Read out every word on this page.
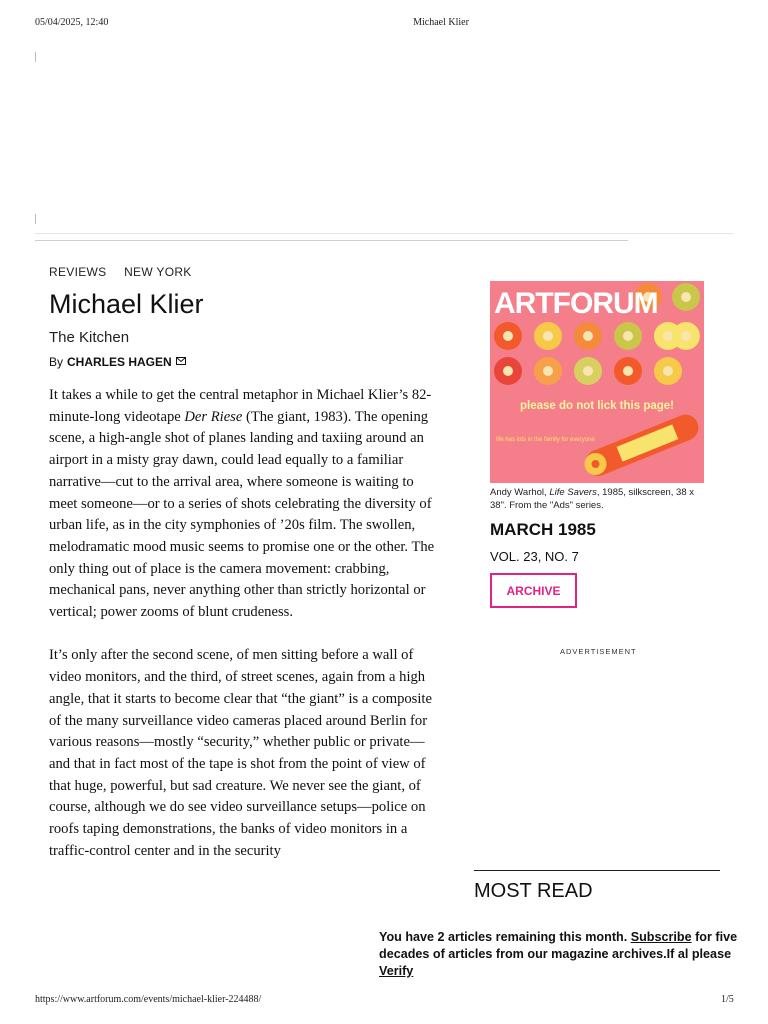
05/04/2025, 12:40	Michael Klier
REVIEWS NEW YORK
Michael Klier
The Kitchen
By CHARLES HAGEN

It takes a while to get the central metaphor in Michael Klier’s 82-minute-long videotape Der Riese (The giant, 1983). The opening scene, a high-angle shot of planes landing and taxiing around an airport in a misty gray dawn, could lead equally to a familiar narrative—cut to the arrival area, where someone is waiting to meet someone—or to a series of shots celebrating the diversity of urban life, as in the city symphonies of ’20s film. The swollen, melodramatic mood music seems to promise one or the other. The only thing out of place is the camera movement: crabbing, mechanical pans, never anything other than strictly horizontal or vertical; power zooms of blunt crudeness.

It’s only after the second scene, of men sitting before a wall of video monitors, and the third, of street scenes, again from a high angle, that it starts to become clear that “the giant” is a composite of the many surveillance video cameras placed around Berlin for various reasons—mostly “security,” whether public or private—and that in fact most of the tape is shot from the point of view of that huge, powerful, but sad creature. We never see the giant, of course, although we do see video surveillance setups—police on roofs taping demonstrations, the banks of video monitors in a traffic-control center and in the security

ARTFORUM
please do not lick this page!
life has lots in the family for everyone
Andy Warhol, Life Savers, 1985, silkscreen, 38 x 38". From the "Ads" series.
MARCH 1985
VOL. 23, NO. 7
ARCHIVE
ADVERTISEMENT
MOST READ
You have 2 articles remaining this month. Subscribe for five decades of articles from our magazine archives.If al please Verify
https://www.artforum.com/events/michael-klier-224488/	1/5
